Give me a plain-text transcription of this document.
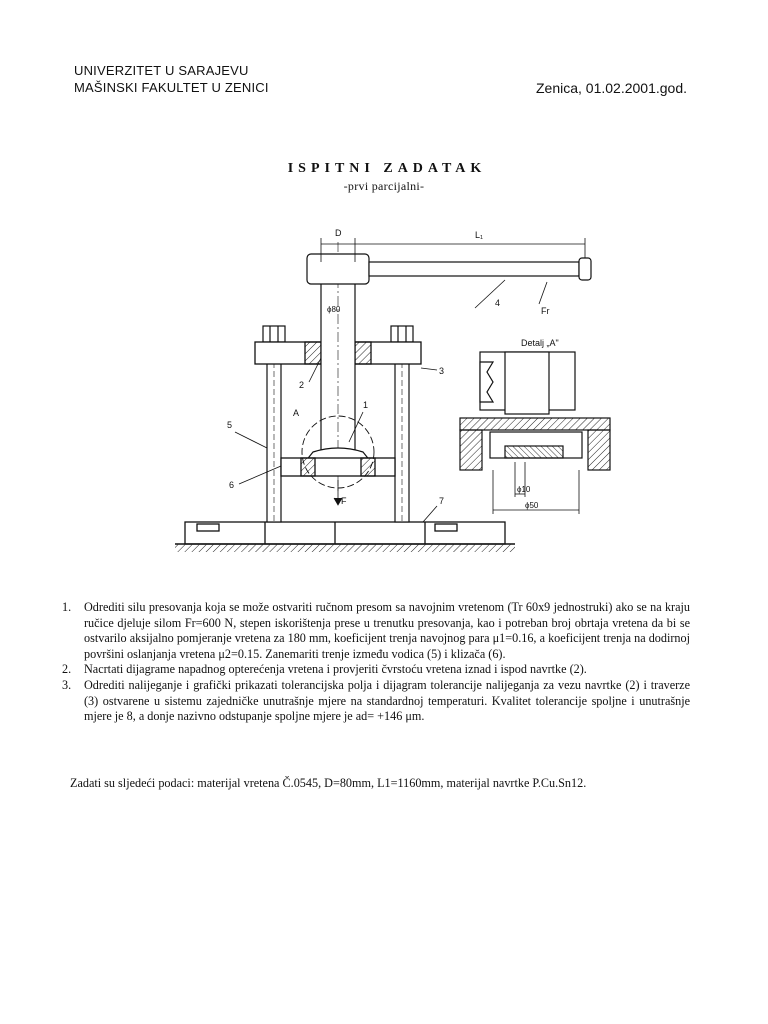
UNIVERZITET U SARAJEVU
MAŠINSKI FAKULTET U ZENICI	Zenica, 01.02.2001.god.
ISPITNI ZADATAK
-prvi parcijalni-
D	L₁
ϕ80	Fr
F
A
Detalj „A"
ϕ10
ϕ50
1
2
3
4
5
6
7
1. Odrediti silu presovanja koja se može ostvariti ručnom presom sa navojnim vretenom (Tr 60x9 jednostruki) ako se na kraju ručice djeluje silom Fr=600 N, stepen iskorištenja prese u trenutku presovanja, kao i potreban broj obrtaja vretena da bi se ostvarilo aksijalno pomjeranje vretena za 180 mm, koeficijent trenja navojnog para μ1=0.16, a koeficijent trenja na dodirnoj površini oslanjanja vretena μ2=0.15. Zanemariti trenje između vodica (5) i klizača (6).
2. Nacrtati dijagrame napadnog opterećenja vretena i provjeriti čvrstoću vretena iznad i ispod navrtke (2).
3. Odrediti nalijeganje i grafički prikazati tolerancijska polja i dijagram tolerancije nalijeganja za vezu navrtke (2) i traverze (3) ostvarene u sistemu zajedničke unutrašnje mjere na standardnoj temperaturi. Kvalitet tolerancije spoljne i unutrašnje mjere je 8, a donje nazivno odstupanje spoljne mjere je ad= +146 μm.
Zadati su sljedeći podaci: materijal vretena Č.0545, D=80mm, L1=1160mm, materijal navrtke P.Cu.Sn12.
